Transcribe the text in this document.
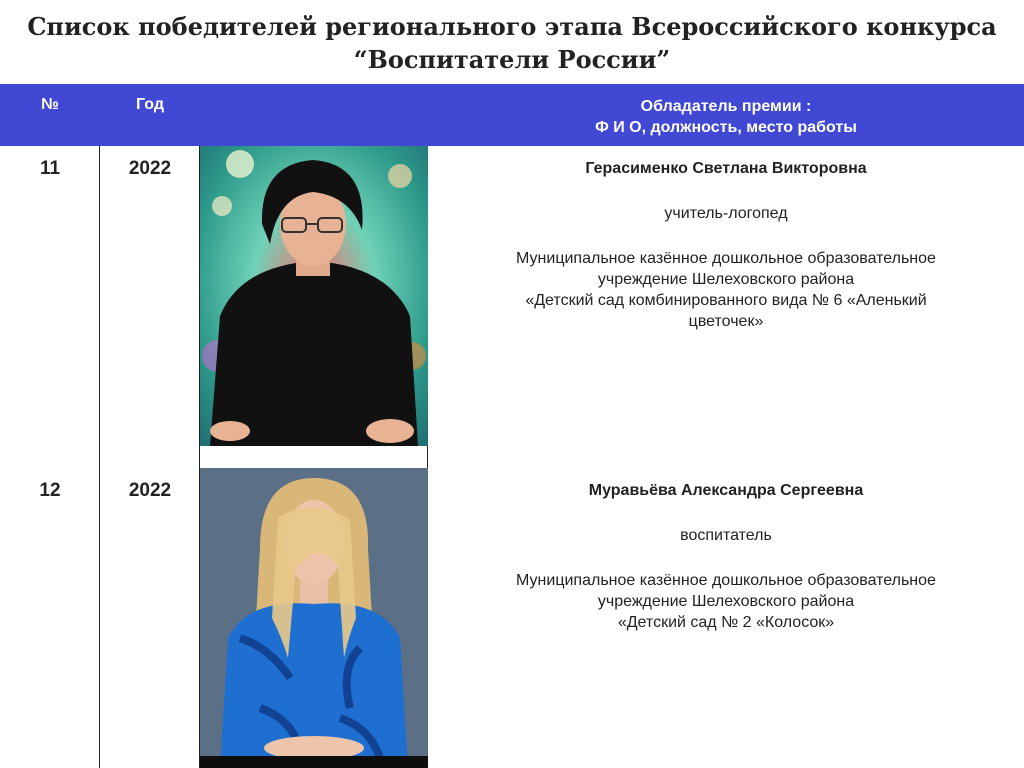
Список победителей регионального этапа Всероссийского конкурса
“Воспитатели России”
№	Год	Обладатель премии :
Ф И О, должность, место работы
11	2022	Герасименко Светлана Викторовна
учитель-логопед
Муниципальное казённое дошкольное образовательное
учреждение Шелеховского района
«Детский сад комбинированного вида № 6 «Аленький
цветочек»
12	2022	Муравьёва Александра Сергеевна
воспитатель
Муниципальное казённое дошкольное образовательное
учреждение Шелеховского района
«Детский сад № 2 «Колосок»
